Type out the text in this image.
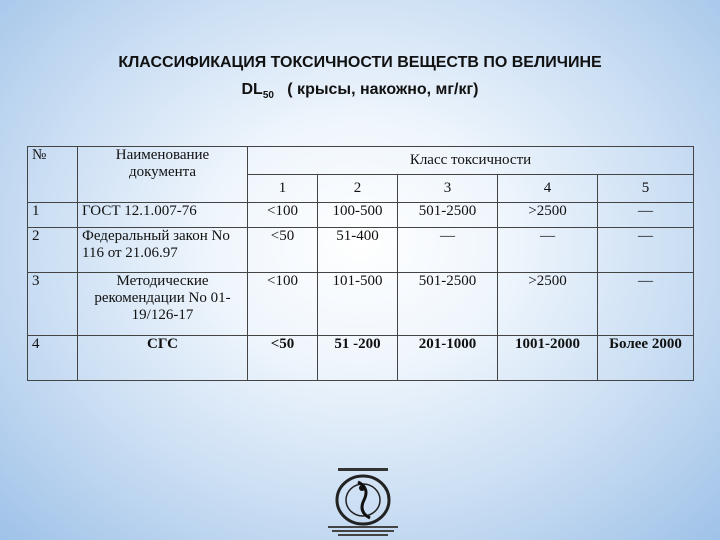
КЛАССИФИКАЦИЯ ТОКСИЧНОСТИ ВЕЩЕСТВ ПО ВЕЛИЧИНЕ
$DL_{50}$ ( крысы, накожно, мг/кг)
№	Наименование документа	Класс токсичности				
		1	2	3	4	5
1	ГОСТ 12.1.007-76	<100	100-500	501-2500	>2500	—
2	Федеральный закон No 116 от 21.06.97	<50	51-400	—	—	—
3	Методические рекомендации No 01-19/126-17	<100	101-500	501-2500	>2500	—
4	СГС	<50	51 -200	201-1000	1001-2000	Более 2000
